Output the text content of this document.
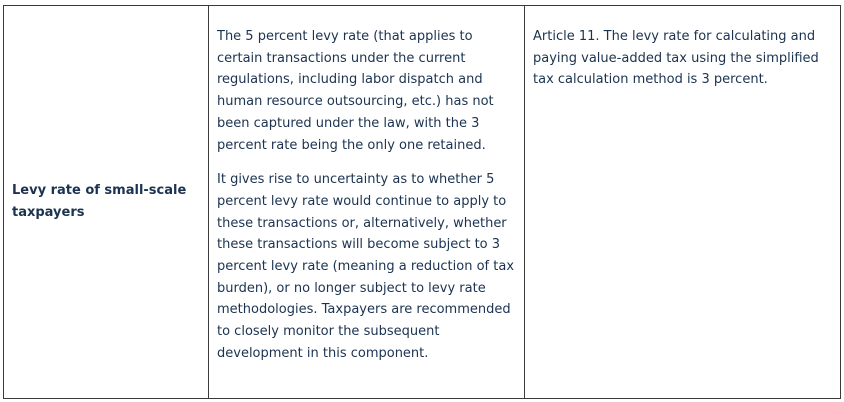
Levy rate of small-scale taxpayers

The 5 percent levy rate (that applies to certain transactions under the current regulations, including labor dispatch and human resource outsourcing, etc.) has not been captured under the law, with the 3 percent rate being the only one retained.

It gives rise to uncertainty as to whether 5 percent levy rate would continue to apply to these transactions or, alternatively, whether these transactions will become subject to 3 percent levy rate (meaning a reduction of tax burden), or no longer subject to levy rate methodologies. Taxpayers are recommended to closely monitor the subsequent development in this component.

Article 11. The levy rate for calculating and paying value-added tax using the simplified tax calculation method is 3 percent.
